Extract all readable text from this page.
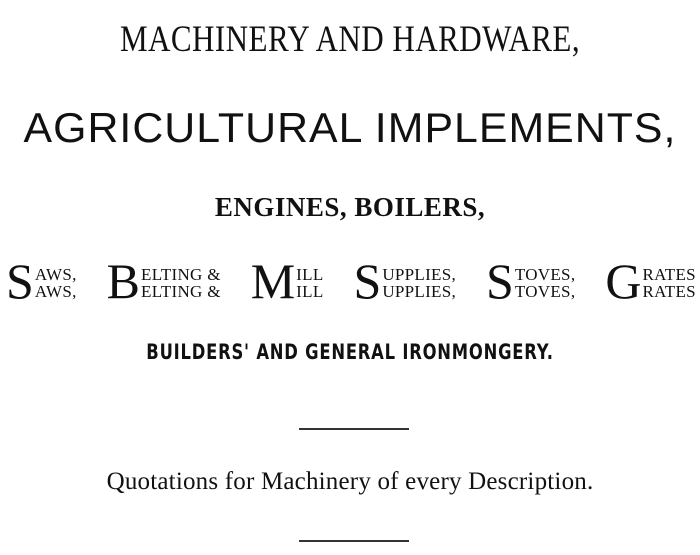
MACHINERY AND HARDWARE,
AGRICULTURAL IMPLEMENTS,
ENGINES, BOILERS,
S AWS,
AWS, B ELTING &
ELTING & M ILL
ILL S UPPLIES,
UPPLIES, S TOVES,
TOVES, G RATES
RATES
BUILDERS' AND GENERAL IRONMONGERY.
Quotations for Machinery of every Description.
